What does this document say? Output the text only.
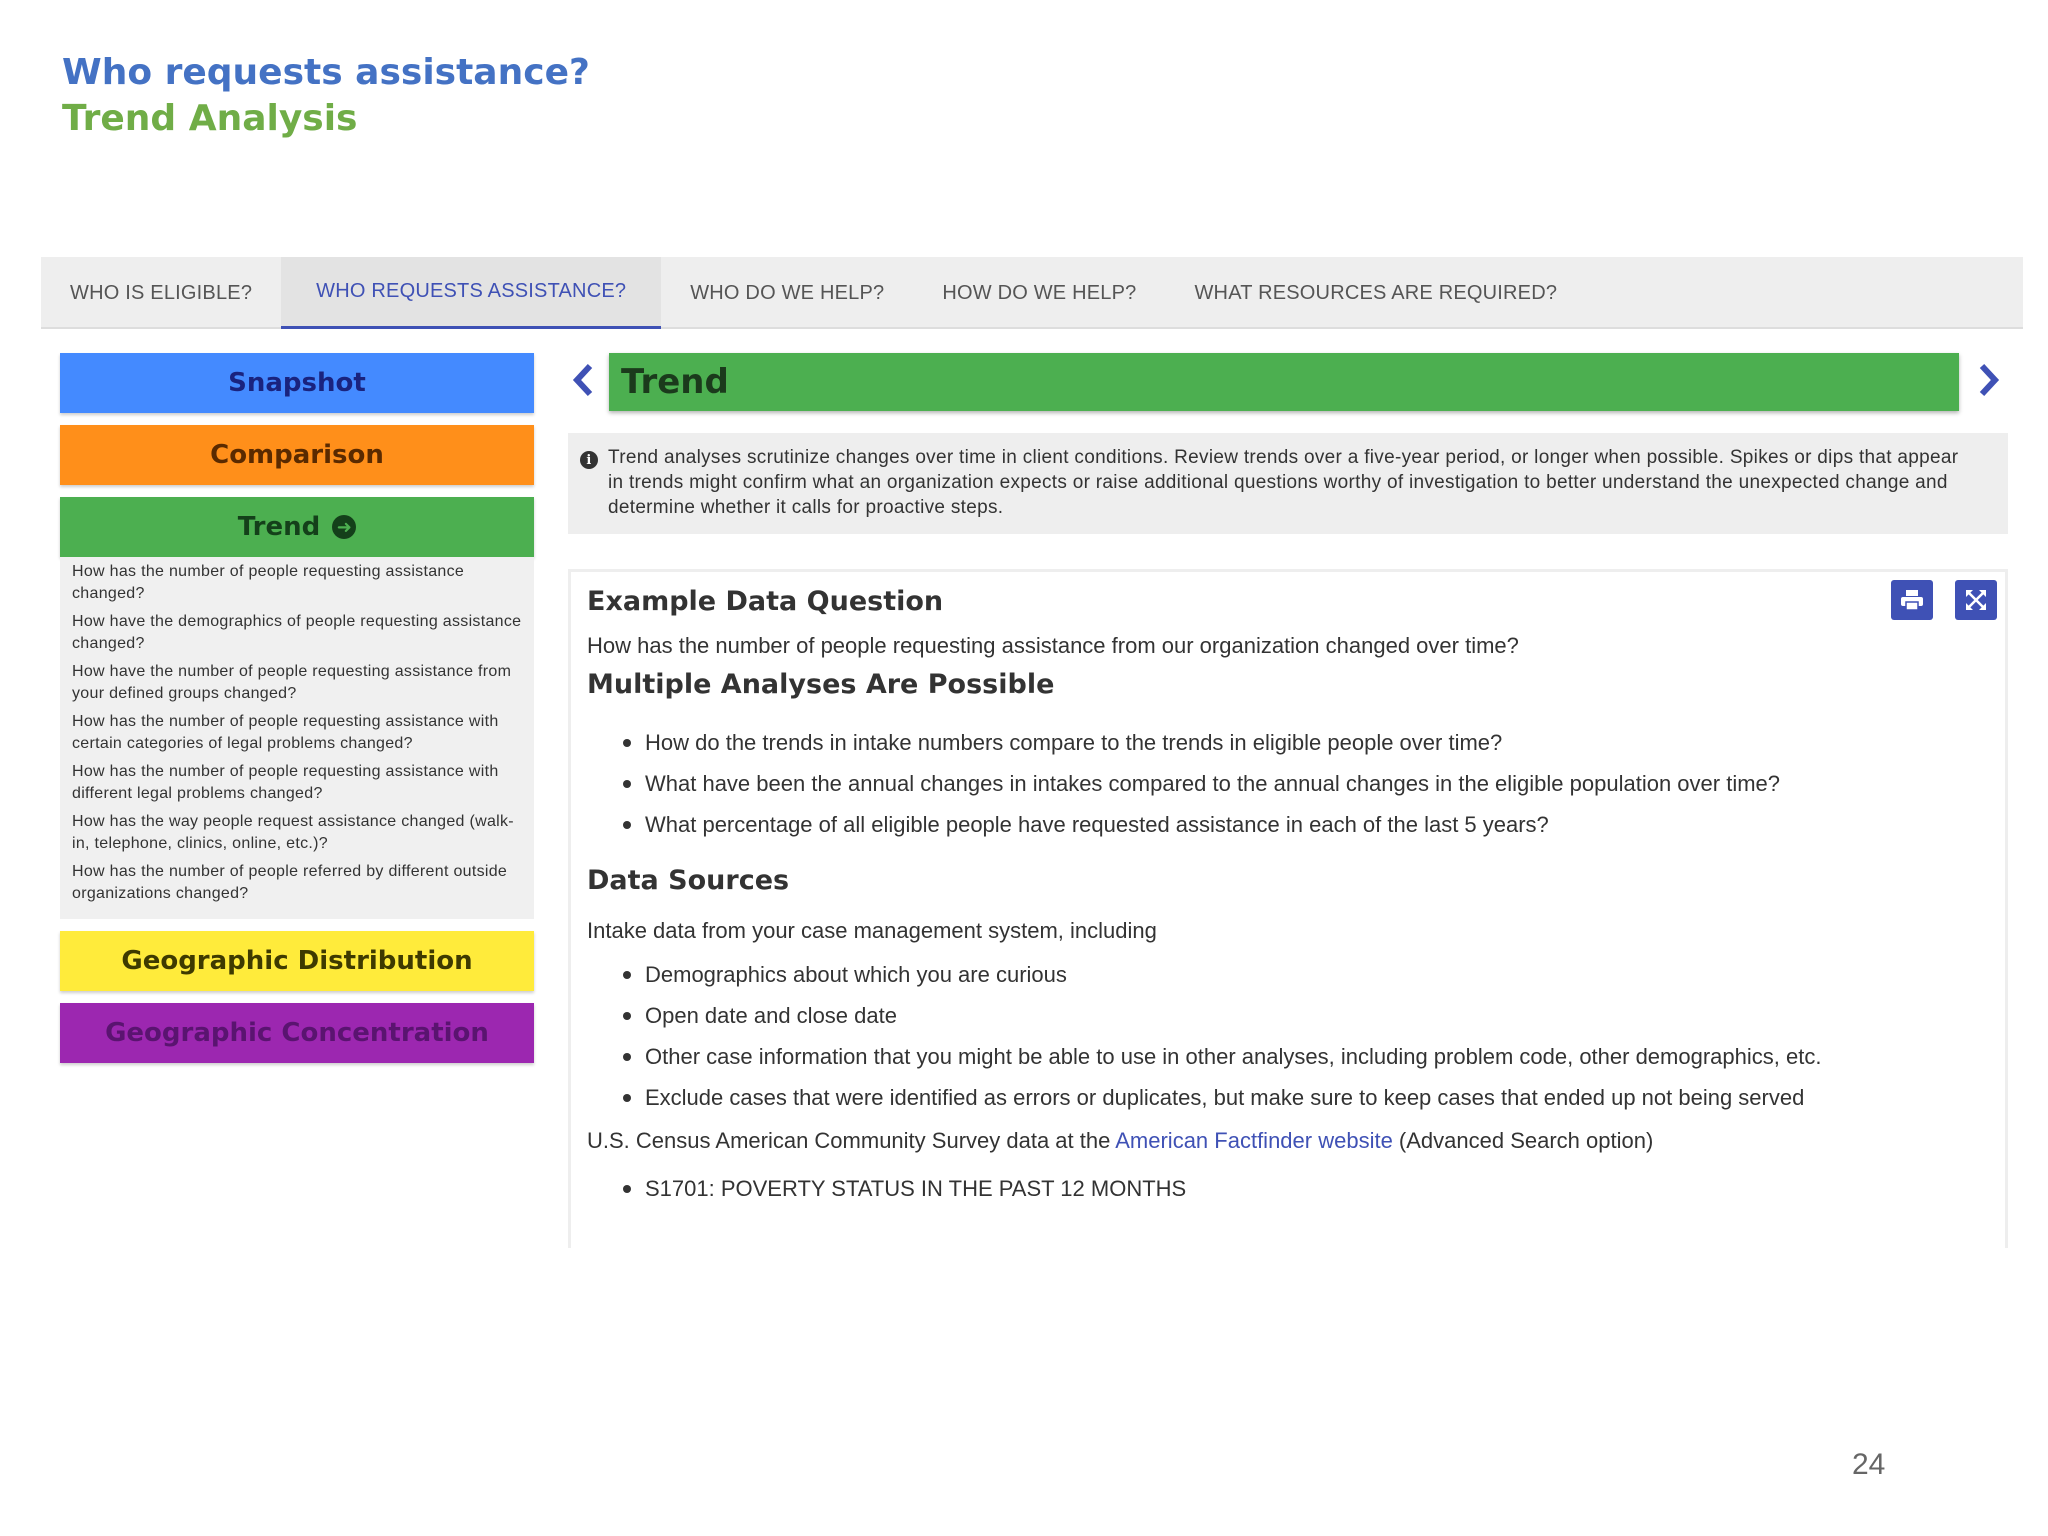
Who requests assistance?
Trend Analysis
WHO IS ELIGIBLE?	WHO REQUESTS ASSISTANCE?	WHO DO WE HELP?	HOW DO WE HELP?	WHAT RESOURCES ARE REQUIRED?
Snapshot
Comparison
Trend ➜
How has the number of people requesting assistance changed?
How have the demographics of people requesting assistance changed?
How have the number of people requesting assistance from your defined groups changed?
How has the number of people requesting assistance with certain categories of legal problems changed?
How has the number of people requesting assistance with different legal problems changed?
How has the way people request assistance changed (walk-in, telephone, clinics, online, etc.)?
How has the number of people referred by different outside organizations changed?
Geographic Distribution
Geographic Concentration
Trend
i Trend analyses scrutinize changes over time in client conditions. Review trends over a five-year period, or longer when possible. Spikes or dips that appear in trends might confirm what an organization expects or raise additional questions worthy of investigation to better understand the unexpected change and determine whether it calls for proactive steps.
Example Data Question

How has the number of people requesting assistance from our organization changed over time?

Multiple Analyses Are Possible
How do the trends in intake numbers compare to the trends in eligible people over time?
What have been the annual changes in intakes compared to the annual changes in the eligible population over time?
What percentage of all eligible people have requested assistance in each of the last 5 years?
Data Sources

Intake data from your case management system, including

Demographics about which you are curious
Open date and close date
Other case information that you might be able to use in other analyses, including problem code, other demographics, etc.
Exclude cases that were identified as errors or duplicates, but make sure to keep cases that ended up not being served

U.S. Census American Community Survey data at the American Factfinder website (Advanced Search option)

S1701: POVERTY STATUS IN THE PAST 12 MONTHS
24
